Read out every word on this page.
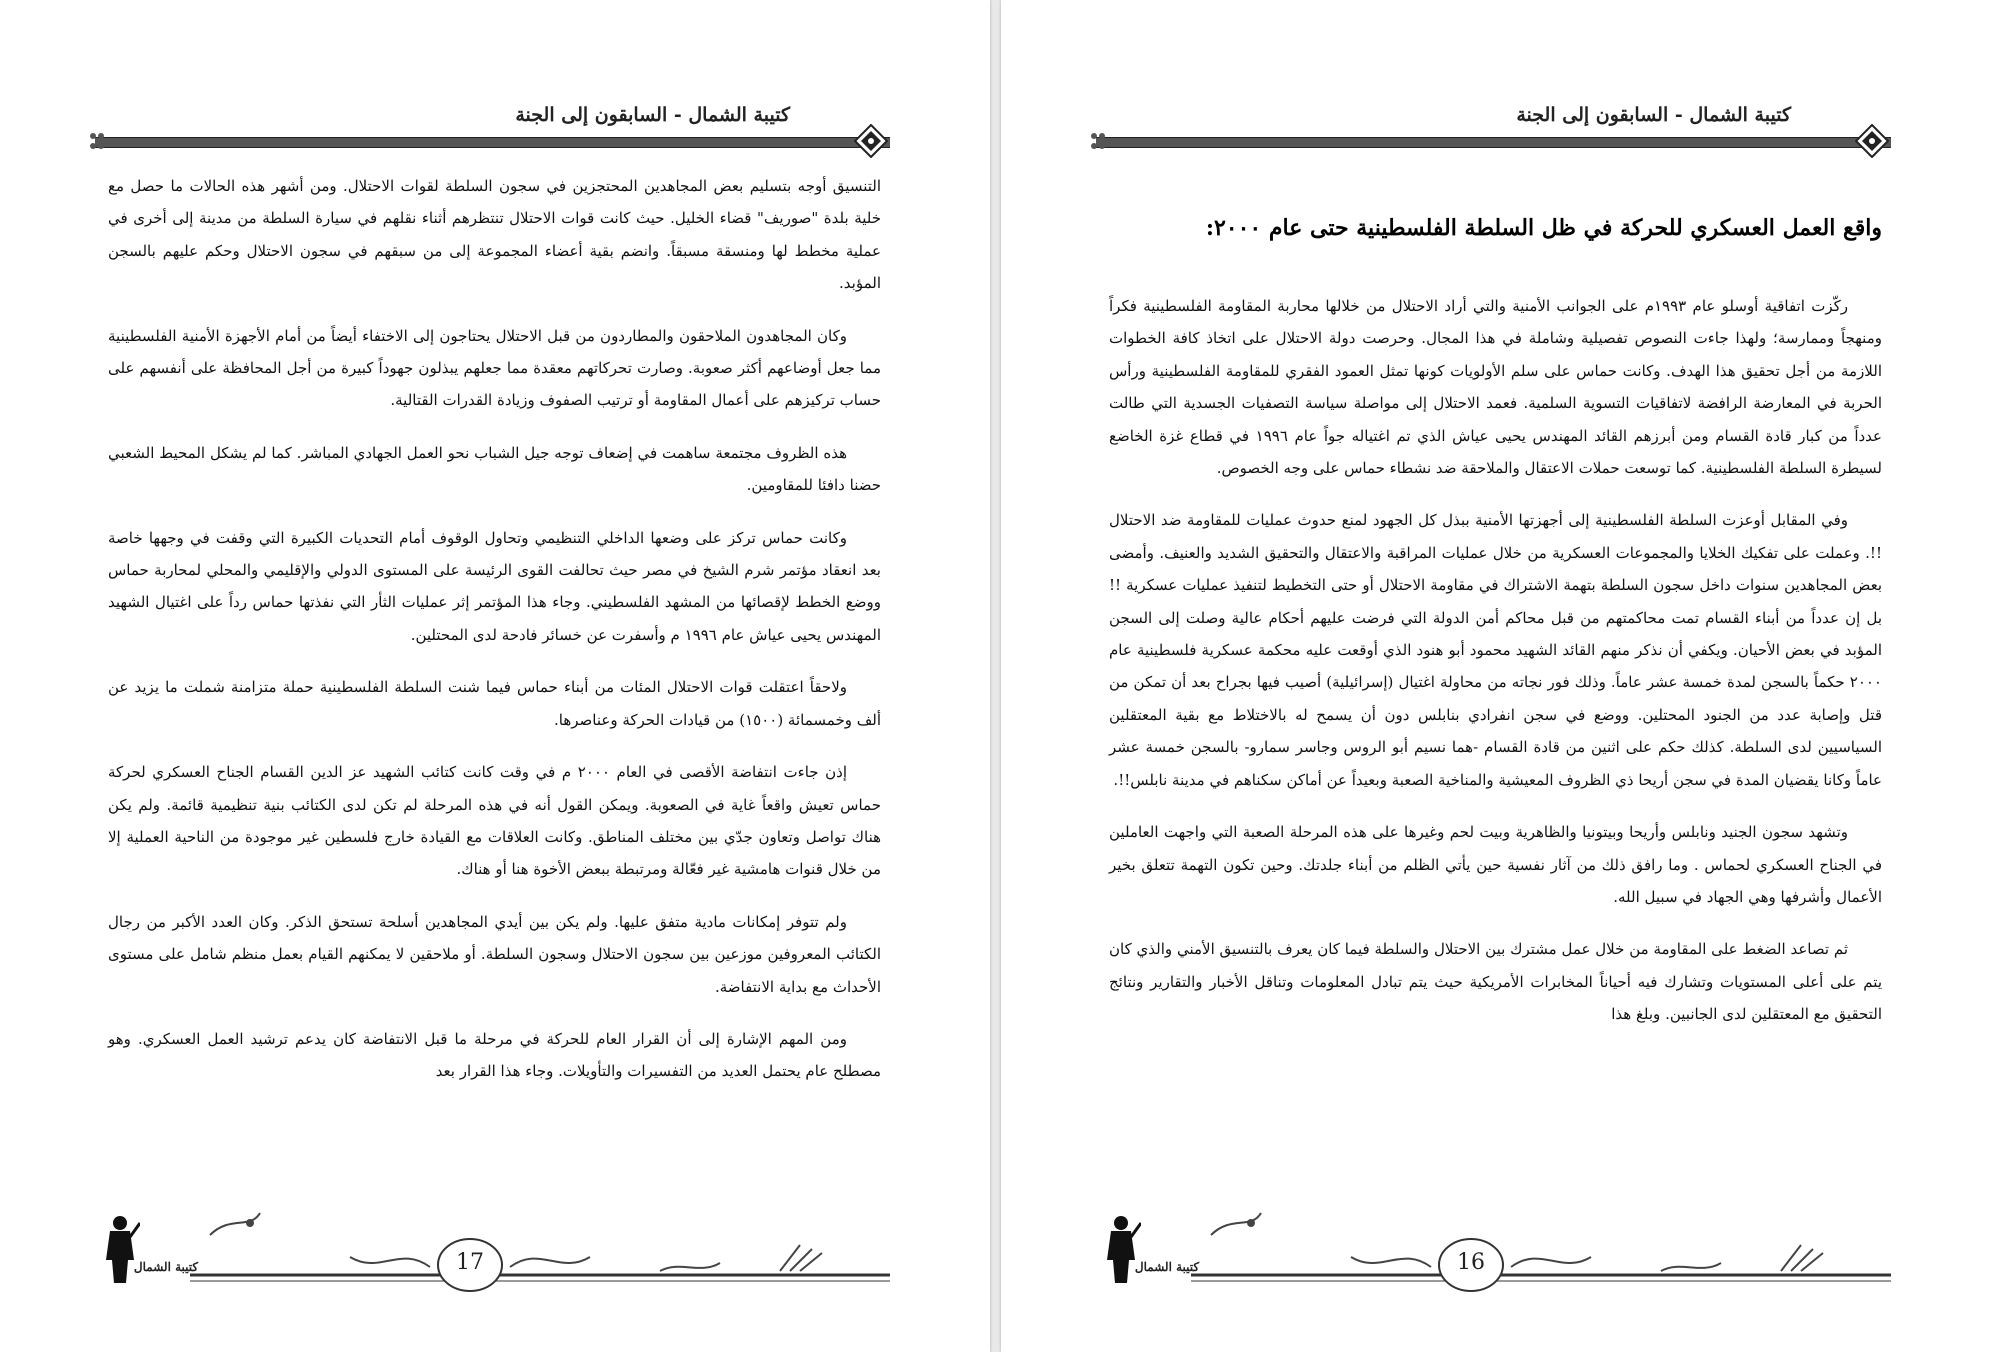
كتيبة الشمال - السابقون إلى الجنة

التنسيق أوجه بتسليم بعض المجاهدين المحتجزين في سجون السلطة لقوات الاحتلال. ومن أشهر هذه الحالات ما حصل مع خلية بلدة "صوريف" قضاء الخليل. حيث كانت قوات الاحتلال تنتظرهم أثناء نقلهم في سيارة السلطة من مدينة إلى أخرى في عملية مخطط لها ومنسقة مسبقاً. وانضم بقية أعضاء المجموعة إلى من سبقهم في سجون الاحتلال وحكم عليهم بالسجن المؤبد.

وكان المجاهدون الملاحقون والمطاردون من قبل الاحتلال يحتاجون إلى الاختفاء أيضاً من أمام الأجهزة الأمنية الفلسطينية مما جعل أوضاعهم أكثر صعوبة. وصارت تحركاتهم معقدة مما جعلهم يبذلون جهوداً كبيرة من أجل المحافظة على أنفسهم على حساب تركيزهم على أعمال المقاومة أو ترتيب الصفوف وزيادة القدرات القتالية.

هذه الظروف مجتمعة ساهمت في إضعاف توجه جيل الشباب نحو العمل الجهادي المباشر. كما لم يشكل المحيط الشعبي حضنا دافئا للمقاومين.

وكانت حماس تركز على وضعها الداخلي التنظيمي وتحاول الوقوف أمام التحديات الكبيرة التي وقفت في وجهها خاصة بعد انعقاد مؤتمر شرم الشيخ في مصر حيث تحالفت القوى الرئيسة على المستوى الدولي والإقليمي والمحلي لمحاربة حماس ووضع الخطط لإقصائها من المشهد الفلسطيني. وجاء هذا المؤتمر إثر عمليات الثأر التي نفذتها حماس رداً على اغتيال الشهيد المهندس يحيى عياش عام ١٩٩٦ م وأسفرت عن خسائر فادحة لدى المحتلين.

ولاحقاً اعتقلت قوات الاحتلال المئات من أبناء حماس فيما شنت السلطة الفلسطينية حملة متزامنة شملت ما يزيد عن ألف وخمسمائة (١٥٠٠) من قيادات الحركة وعناصرها.

إذن جاءت انتفاضة الأقصى في العام ٢٠٠٠ م في وقت كانت كتائب الشهيد عز الدين القسام الجناح العسكري لحركة حماس تعيش واقعاً غاية في الصعوبة. ويمكن القول أنه في هذه المرحلة لم تكن لدى الكتائب بنية تنظيمية قائمة. ولم يكن هناك تواصل وتعاون جدّي بين مختلف المناطق. وكانت العلاقات مع القيادة خارج فلسطين غير موجودة من الناحية العملية إلا من خلال قنوات هامشية غير فعّالة ومرتبطة ببعض الأخوة هنا أو هناك.

ولم تتوفر إمكانات مادية متفق عليها. ولم يكن بين أيدي المجاهدين أسلحة تستحق الذكر. وكان العدد الأكبر من رجال الكتائب المعروفين موزعين بين سجون الاحتلال وسجون السلطة. أو ملاحقين لا يمكنهم القيام بعمل منظم شامل على مستوى الأحداث مع بداية الانتفاضة.

ومن المهم الإشارة إلى أن القرار العام للحركة في مرحلة ما قبل الانتفاضة كان يدعم ترشيد العمل العسكري. وهو مصطلح عام يحتمل العديد من التفسيرات والتأويلات. وجاء هذا القرار بعد

كتيبة الشمال	17
كتيبة الشمال - السابقون إلى الجنة
واقع العمل العسكري للحركة في ظل السلطة الفلسطينية حتى عام ٢٠٠٠:

ركّزت اتفاقية أوسلو عام ١٩٩٣م على الجوانب الأمنية والتي أراد الاحتلال من خلالها محاربة المقاومة الفلسطينية فكراً ومنهجاً وممارسة؛ ولهذا جاءت النصوص تفصيلية وشاملة في هذا المجال. وحرصت دولة الاحتلال على اتخاذ كافة الخطوات اللازمة من أجل تحقيق هذا الهدف. وكانت حماس على سلم الأولويات كونها تمثل العمود الفقري للمقاومة الفلسطينية ورأس الحربة في المعارضة الرافضة لاتفاقيات التسوية السلمية. فعمد الاحتلال إلى مواصلة سياسة التصفيات الجسدية التي طالت عدداً من كبار قادة القسام ومن أبرزهم القائد المهندس يحيى عياش الذي تم اغتياله جواً عام ١٩٩٦ في قطاع غزة الخاضع لسيطرة السلطة الفلسطينية. كما توسعت حملات الاعتقال والملاحقة ضد نشطاء حماس على وجه الخصوص.

وفي المقابل أوعزت السلطة الفلسطينية إلى أجهزتها الأمنية ببذل كل الجهود لمنع حدوث عمليات للمقاومة ضد الاحتلال !!. وعملت على تفكيك الخلايا والمجموعات العسكرية من خلال عمليات المراقبة والاعتقال والتحقيق الشديد والعنيف. وأمضى بعض المجاهدين سنوات داخل سجون السلطة بتهمة الاشتراك في مقاومة الاحتلال أو حتى التخطيط لتنفيذ عمليات عسكرية !! بل إن عدداً من أبناء القسام تمت محاكمتهم من قبل محاكم أمن الدولة التي فرضت عليهم أحكام عالية وصلت إلى السجن المؤبد في بعض الأحيان. ويكفي أن نذكر منهم القائد الشهيد محمود أبو هنود الذي أوقعت عليه محكمة عسكرية فلسطينية عام ٢٠٠٠ حكماً بالسجن لمدة خمسة عشر عاماً. وذلك فور نجاته من محاولة اغتيال (إسرائيلية) أصيب فيها بجراح بعد أن تمكن من قتل وإصابة عدد من الجنود المحتلين. ووضع في سجن انفرادي بنابلس دون أن يسمح له بالاختلاط مع بقية المعتقلين السياسيين لدى السلطة. كذلك حكم على اثنين من قادة القسام -هما نسيم أبو الروس وجاسر سمارو- بالسجن خمسة عشر عاماً وكانا يقضيان المدة في سجن أريحا ذي الظروف المعيشية والمناخية الصعبة وبعيداً عن أماكن سكناهم في مدينة نابلس!!.

وتشهد سجون الجنيد ونابلس وأريحا وبيتونيا والظاهرية وبيت لحم وغيرها على هذه المرحلة الصعبة التي واجهت العاملين في الجناح العسكري لحماس . وما رافق ذلك من آثار نفسية حين يأتي الظلم من أبناء جلدتك. وحين تكون التهمة تتعلق بخير الأعمال وأشرفها وهي الجهاد في سبيل الله.

ثم تصاعد الضغط على المقاومة من خلال عمل مشترك بين الاحتلال والسلطة فيما كان يعرف بالتنسيق الأمني والذي كان يتم على أعلى المستويات وتشارك فيه أحياناً المخابرات الأمريكية حيث يتم تبادل المعلومات وتناقل الأخبار والتقارير ونتائج التحقيق مع المعتقلين لدى الجانبين. وبلغ هذا

كتيبة الشمال	16
